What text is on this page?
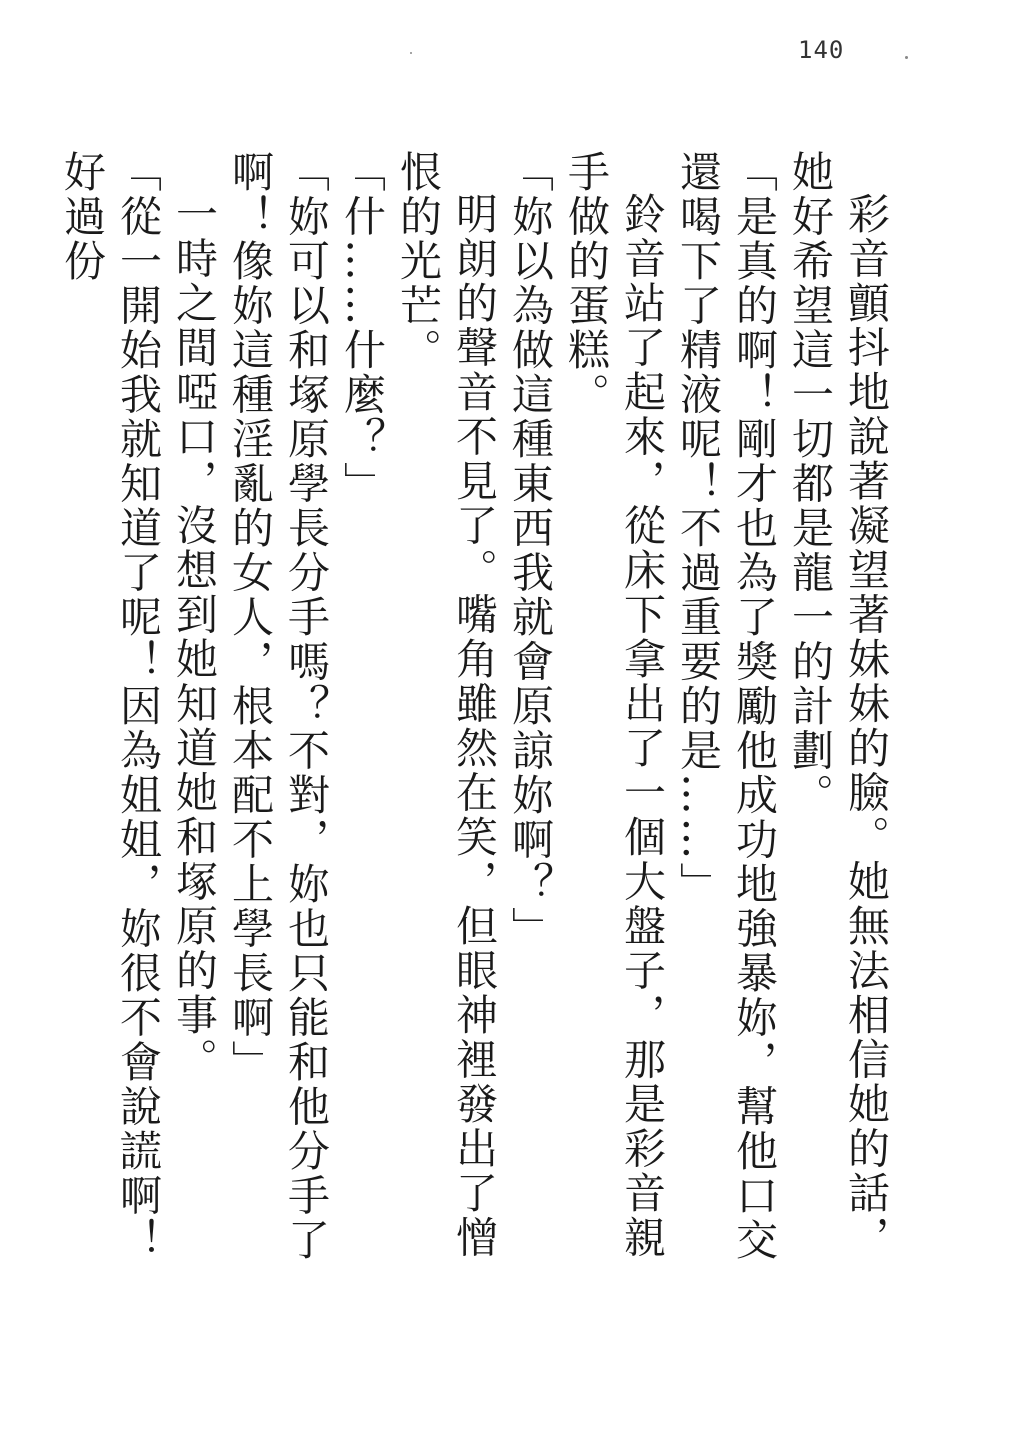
140

彩音顫抖地說著凝望著妹妹的臉。她無法相信她的話，她好希望這一切都是龍一的計劃。

「是真的啊！剛才也為了獎勵他成功地強暴妳，幫他口交還喝下了精液呢！不過重要的是……」

鈴音站了起來，從床下拿出了一個大盤子，那是彩音親手做的蛋糕。

「妳以為做這種東西我就會原諒妳啊？」

明朗的聲音不見了。嘴角雖然在笑，但眼神裡發出了憎恨的光芒。

「什……什麼？」

「妳可以和塚原學長分手嗎？不對，妳也只能和他分手了啊！像妳這種淫亂的女人，根本配不上學長啊」

一時之間啞口，沒想到她知道她和塚原的事。

「從一開始我就知道了呢！因為姐姐，妳很不會說謊啊！好過份
